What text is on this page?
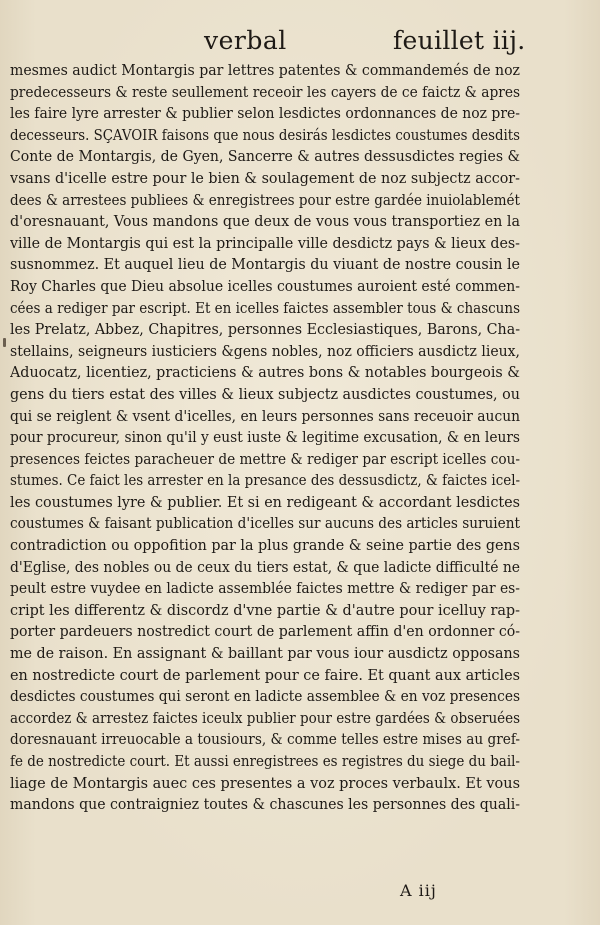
verbal	feuillet iij.
mesmes audict Montargis par lettres patentes & commandemés de noz
predecesseurs & reste seullement receoir les cayers de ce faictz & apres
les faire lyre arrester & publier selon lesdictes ordonnances de noz pre-
decesseurs. SÇAVOIR faisons que nous desirás lesdictes coustumes desdits
Conte de Montargis, de Gyen, Sancerre & autres dessusdictes regies &
vsans d'icelle estre pour le bien & soulagement de noz subjectz accor-
dees & arrestees publiees & enregistrees pour estre gardée inuiolablemét
d'oresnauant, Vous mandons que deux de vous vous transportiez en la
ville de Montargis qui est la principalle ville desdictz pays & lieux des-
susnommez. Et auquel lieu de Montargis du viuant de nostre cousin le
Roy Charles que Dieu absolue icelles coustumes auroient esté commen-
cées a rediger par escript. Et en icelles faictes assembler tous & chascuns
les Prelatz, Abbez, Chapitres, personnes Ecclesiastiques, Barons, Cha-
stellains, seigneurs iusticiers &gens nobles, noz officiers ausdictz lieux,
Aduocatz, licentiez, practiciens & autres bons & notables bourgeois &
gens du tiers estat des villes & lieux subjectz ausdictes coustumes, ou
qui se reiglent & vsent d'icelles, en leurs personnes sans receuoir aucun
pour procureur, sinon qu'il y eust iuste & legitime excusation, & en leurs
presences feictes paracheuer de mettre & rediger par escript icelles cou-
stumes. Ce faict les arrester en la presance des dessusdictz, & faictes icel-
les coustumes lyre & publier. Et si en redigeant & accordant lesdictes
coustumes & faisant publication d'icelles sur aucuns des articles suruient
contradiction ou oppofition par la plus grande & seine partie des gens
d'Eglise, des nobles ou de ceux du tiers estat, & que ladicte difficulté ne
peult estre vuydee en ladicte assemblée faictes mettre & rediger par es-
cript les differentz & discordz d'vne partie & d'autre pour icelluy rap-
porter pardeuers nostredict court de parlement affin d'en ordonner có-
me de raison. En assignant & baillant par vous iour ausdictz opposans
en nostredicte court de parlement pour ce faire. Et quant aux articles
desdictes coustumes qui seront en ladicte assemblee & en voz presences
accordez & arrestez faictes iceulx publier pour estre gardées & obseruées
doresnauant irreuocable a tousiours, & comme telles estre mises au gref-
fe de nostredicte court. Et aussi enregistrees es registres du siege du bail-
liage de Montargis auec ces presentes a voz proces verbaulx. Et vous
mandons que contraigniez toutes & chascunes les personnes des quali-
A iij
